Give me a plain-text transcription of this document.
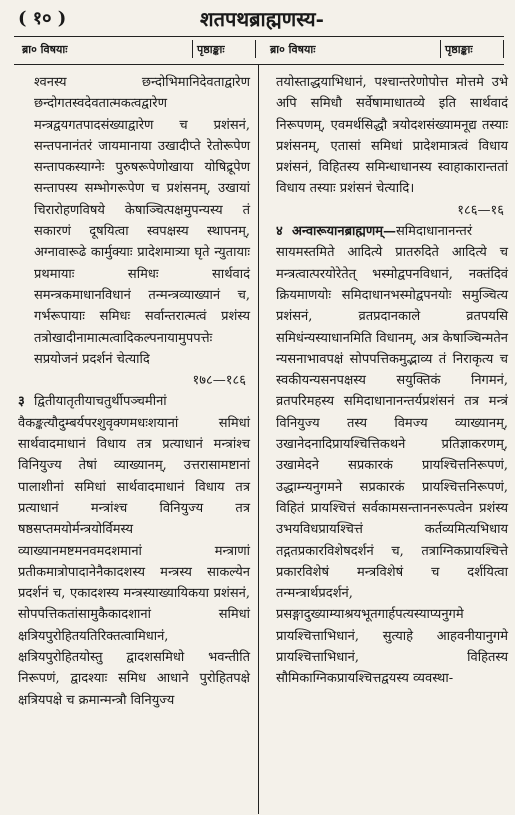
( १० )	शतपथब्राह्मणस्य-
ब्रा० विषयाः	पृष्ठाङ्काः	ब्रा० विषयाः	पृष्ठाङ्काः

श्वनस्य छन्दोभिमानिदेवताद्वारेण छन्दोगतस्वदेवतात्मकत्वद्वारेण मन्त्रद्वयगतपादसंख्याद्वारेण च प्रशंसनं, सन्तपनानंतरं जायमानाया उखादीप्ते रेतोरूपेण सन्तापकस्याग्नेः पुरुषरूपेणोखाया योषिद्रूपेण सन्तापस्य सम्भोगरूपेण च प्रशंसनम्, उखायां चिरारोहणविषये केषाञ्चित्पक्षमुपन्यस्य तं सकारणं दूषयित्वा स्वपक्षस्य स्थापनम्, अग्नावारूढे कार्मुक्याः प्रादेशमात्र्या घृते न्युतायाः प्रथमायाः समिधः सार्थवादं समन्त्रकमाधानविधानं तन्मन्त्रव्याख्यानं च, गर्भरूपायाः समिधः सर्वान्तरात्मत्वं प्रशंस्य तत्रोखादीनामात्मत्वादिकल्पनायामुपपत्तेः सप्रयोजनं प्रदर्शनं चेत्यादि
१७८—१८६

३ द्वितीयातृतीयाचतुर्थीपञ्चमीनां वैकङ्कत्यौदुम्बर्यपरशुवृक्णमधःशयानां समिधां सार्थवादमाधानं विधाय तत्र प्रत्याधानं मन्त्रांश्च विनियुज्य तेषां व्याख्यानम्, उत्तरासामष्टानां पालाशीनां समिधां सार्थवादमाधानं विधाय तत्र प्रत्याधानं मन्त्रांश्च विनियुज्य तत्र षष्ठसप्तमयोर्मन्त्रयोर्विमस्य व्याख्यानमष्टमनवमदशमानां मन्त्राणां प्रतीकमात्रोपादानेनैकादशस्य मन्त्रस्य साकल्येन प्रदर्शनं च, एकादशस्य मन्त्रस्याख्यायिकया प्रशंसनं, सोपपत्तिकतांसामुकैकादशानां समिधां क्षत्रियपुरोहितयतिरिक्तत्वामिधानं, क्षत्रियपुरोहितयोस्तु द्वादशसमिधो भवन्तीति निरूपणं, द्वादश्याः समिध आधाने पुरोहितपक्षे क्षत्रियपक्षे च क्रमान्मन्त्रौ विनियुज्य

तयोस्ताद्धयाभिधानं, पश्चान्तरेणोपोत्त मोत्तमे उभे अपि समिधौ सर्वेषामाधातव्ये इति सार्थवादं निरूपणम्, एवमर्थसिद्धौ त्रयोदशसंख्यामनूद्य तस्याः प्रशंसनम्, एतासां समिधां प्रादेशमात्रत्वं विधाय प्रशंसनं, विहितस्य समिन्धाधानस्य स्वाहाकारान्ततां विधाय तस्याः प्रशंसनं चेत्यादि।
१८६—१६

४ अन्वारूयानब्राह्मणम्—समिदाधानानन्तरं सायमस्तमिते आदित्ये प्रातरुदिते आदित्ये च मन्त्रत्वात्परयोरेतेत् भस्मोद्वपनविधानं, नक्तंदिवं क्रियमाणयोः समिदाधानभस्मोद्वपनयोः समुञ्चित्य प्रशंसनं, व्रतप्रदानकाले व्रतपयसि समिधंन्यस्याधानमिति विधानम्, अत्र केषाञ्चिन्मतेन न्यसनाभावपक्षं सोपपत्तिकमुद्भाव्य तं निराकृत्य च स्वकीयन्यसनपक्षस्य सयुक्तिकं निगमनं, व्रतपरिमहस्य समिदाधानानन्तर्यप्रशंसनं तत्र मन्त्रं विनियुज्य तस्य विमज्य व्याख्यानम्, उखानेदनादिप्रायश्चित्तिकथने प्रतिज्ञाकरणम्, उखामेदने सप्रकारकं प्रायश्चित्तनिरूपणं, उद्धाम्न्यनुगमने सप्रकारकं प्रायश्चित्तनिरूपणं, विहितं प्रायश्चित्तं सर्वकामसन्ताननरूपत्वेन प्रशंस्य उभयविधप्रायश्चित्तं कर्तव्यमित्यभिधाय तद्गतप्रकारविशेषदर्शनं च, तत्राग्निकप्रायश्चित्ते प्रकारविशेषं मन्त्रविशेषं च दर्शयित्वा तन्मन्त्रार्थप्रदर्शनं, प्रसङ्गादुख्याम्याश्रयभूतगार्हपत्यस्याप्यनुगमे प्रायश्चित्ताभिधानं, सुत्याहे आहवनीयानुगमे प्रायश्चित्ताभिधानं, विहितस्य सौमिकाग्निकप्रायश्चित्तद्वयस्य व्यवस्था-
